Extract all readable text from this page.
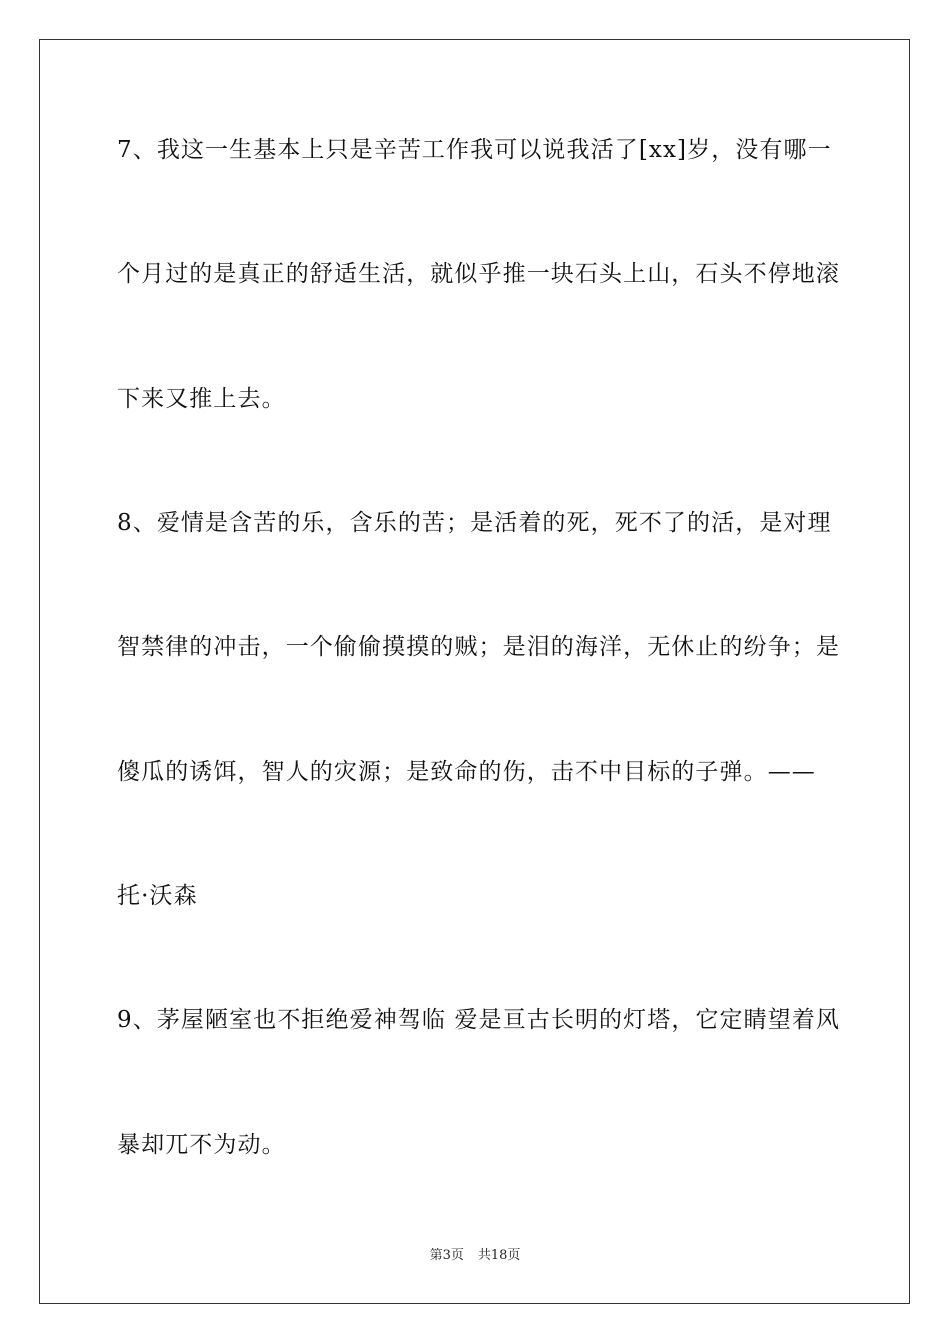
7、我这一生基本上只是辛苦工作我可以说我活了[xx]岁，没有哪一
个月过的是真正的舒适生活，就似乎推一块石头上山，石头不停地滚
下来又推上去。
8、爱情是含苦的乐，含乐的苦；是活着的死，死不了的活，是对理
智禁律的冲击，一个偷偷摸摸的贼；是泪的海洋，无休止的纷争；是
傻瓜的诱饵，智人的灾源；是致命的伤，击不中目标的子弹。——
托·沃森
9、茅屋陋室也不拒绝爱神驾临 爱是亘古长明的灯塔，它定睛望着风
暴却兀不为动。
第3页 共18页
